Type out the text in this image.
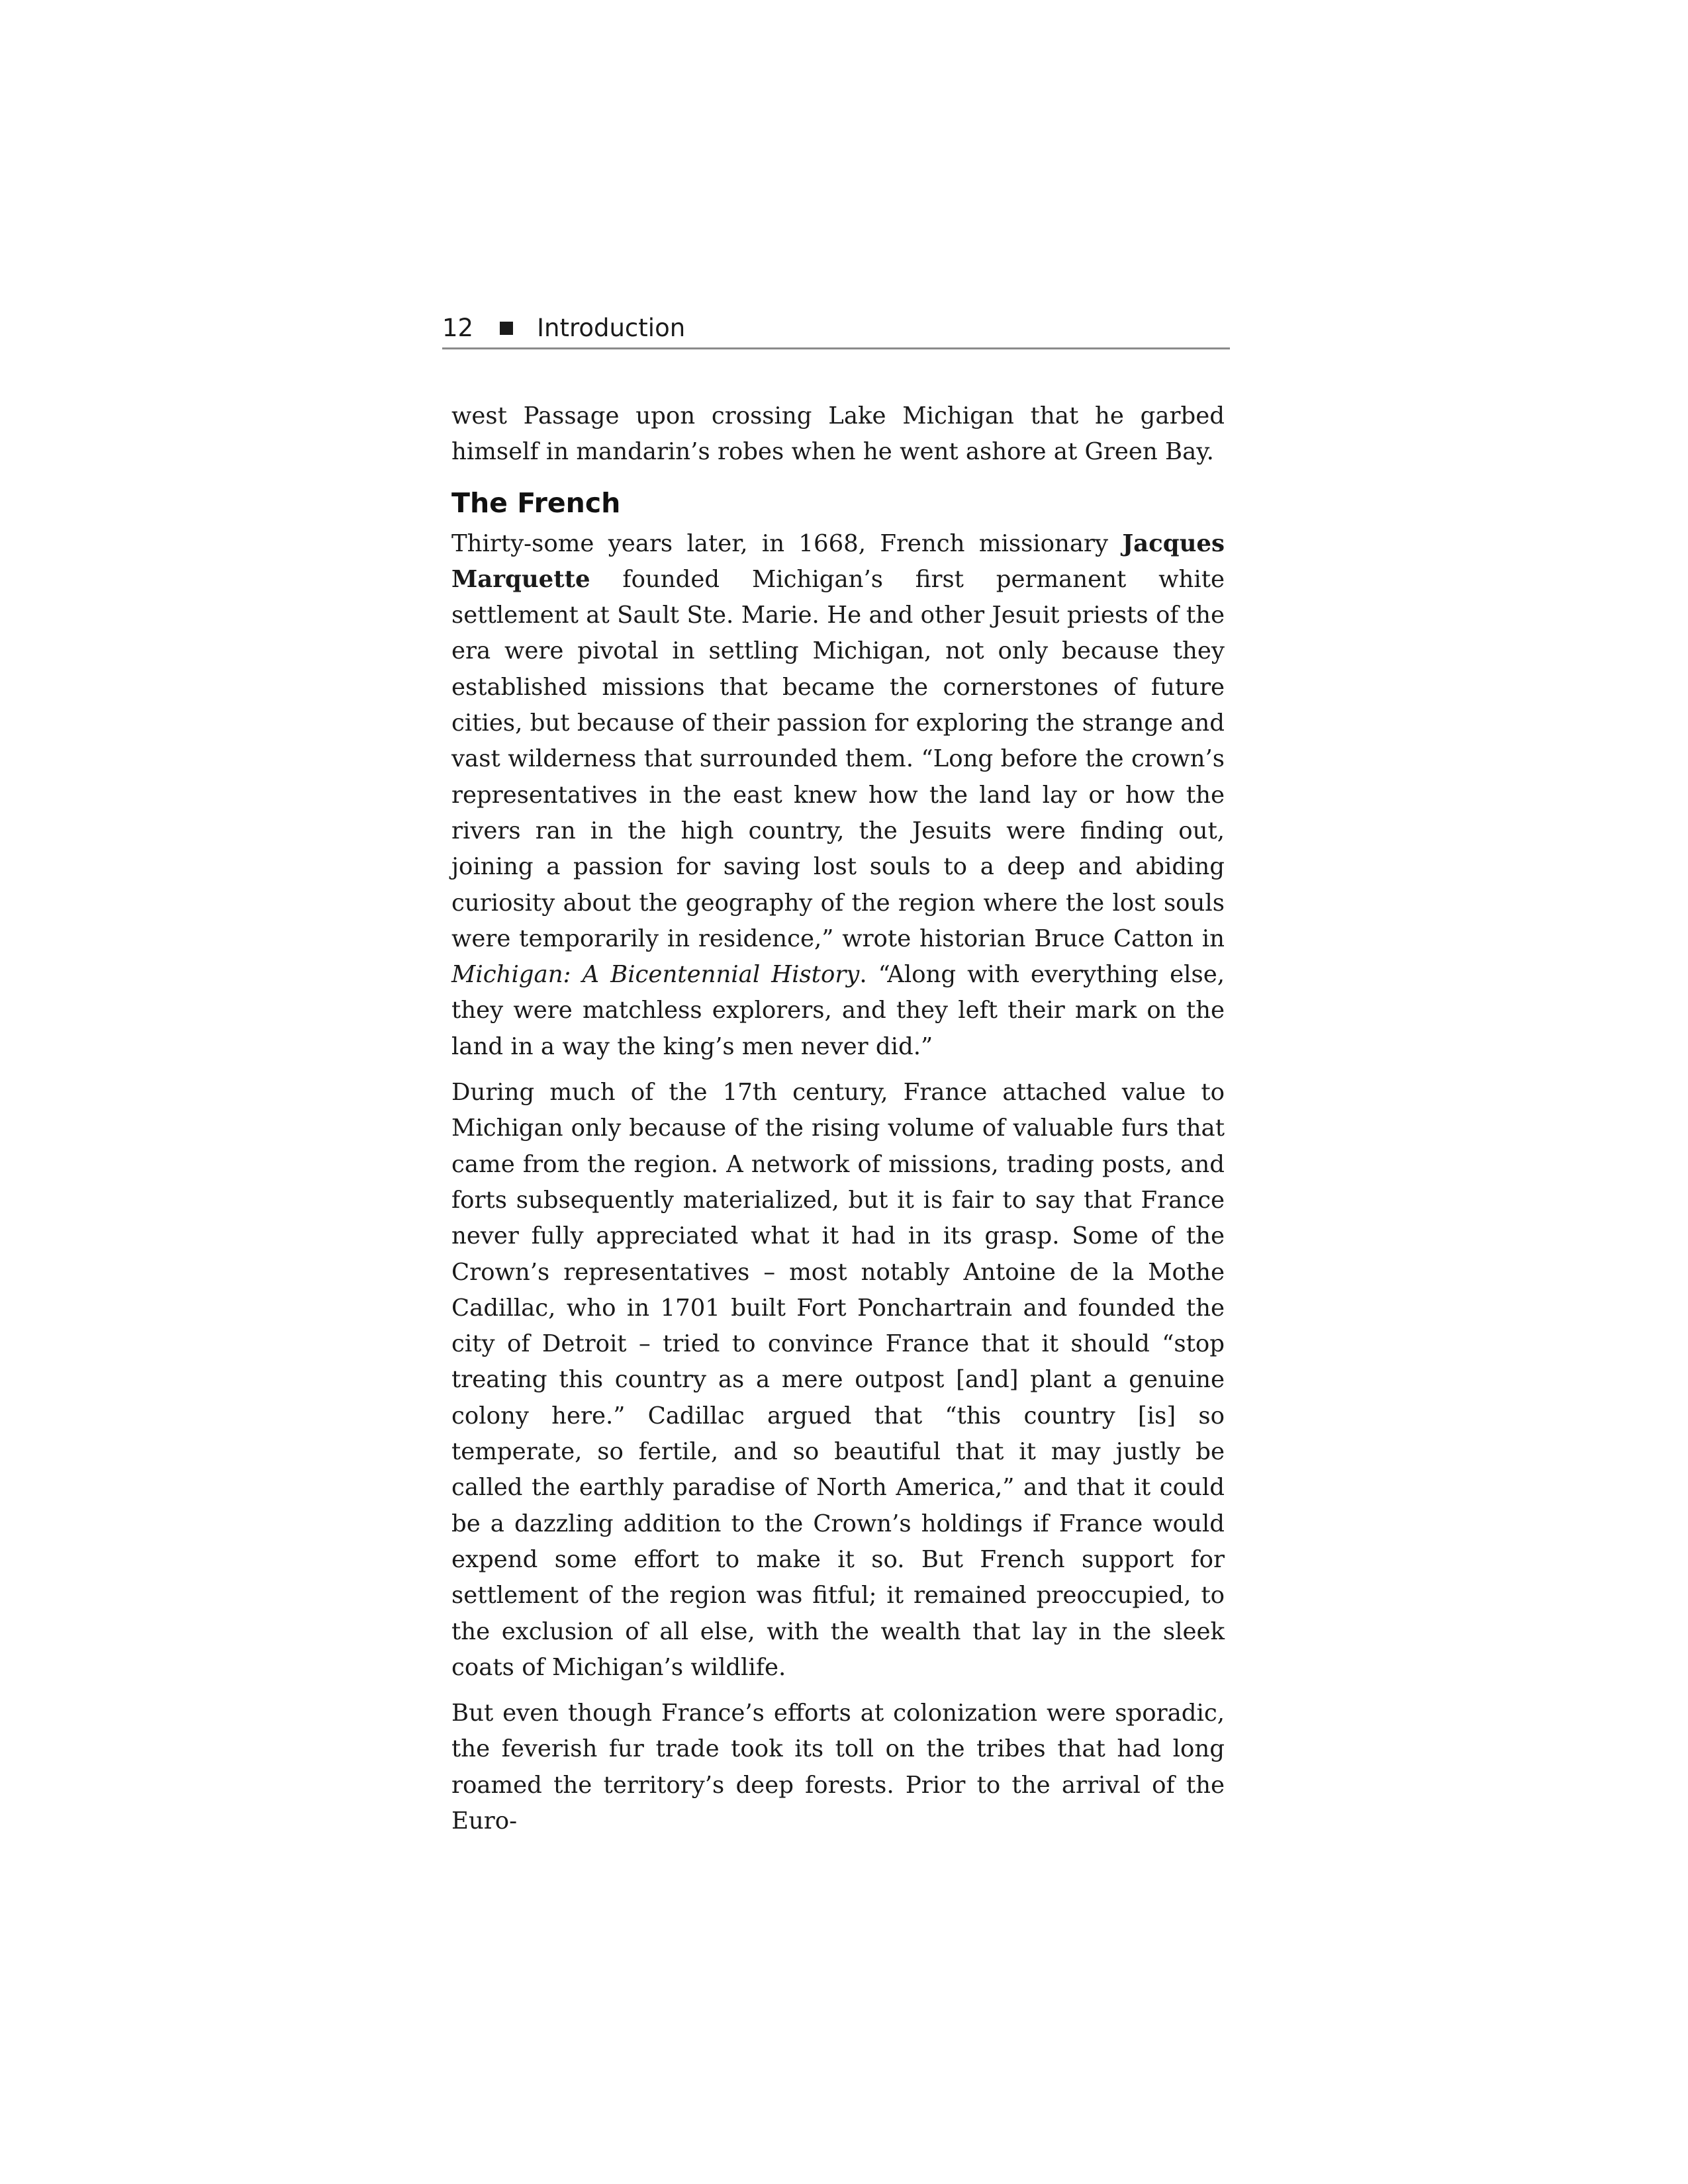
12	Introduction

west Passage upon crossing Lake Michigan that he garbed himself in mandarin’s robes when he went ashore at Green Bay.

The French

Thirty-some years later, in 1668, French missionary Jacques Marquette founded Michigan’s first permanent white settlement at Sault Ste. Marie. He and other Jesuit priests of the era were pivotal in settling Michigan, not only because they established missions that became the cornerstones of future cities, but because of their passion for exploring the strange and vast wilderness that surrounded them. “Long before the crown’s representatives in the east knew how the land lay or how the rivers ran in the high country, the Jesuits were finding out, joining a passion for saving lost souls to a deep and abiding curiosity about the geography of the region where the lost souls were temporarily in residence,” wrote historian Bruce Catton in Michigan: A Bicentennial History. “Along with everything else, they were matchless explorers, and they left their mark on the land in a way the king’s men never did.”

During much of the 17th century, France attached value to Michigan only because of the rising volume of valuable furs that came from the region. A network of missions, trading posts, and forts subsequently materialized, but it is fair to say that France never fully appreciated what it had in its grasp. Some of the Crown’s representatives – most notably Antoine de la Mothe Cadillac, who in 1701 built Fort Ponchartrain and founded the city of Detroit – tried to convince France that it should “stop treating this country as a mere outpost [and] plant a genuine colony here.” Cadillac argued that “this country [is] so temperate, so fertile, and so beautiful that it may justly be called the earthly paradise of North America,” and that it could be a dazzling addition to the Crown’s holdings if France would expend some effort to make it so. But French support for settlement of the region was fitful; it remained preoccupied, to the exclusion of all else, with the wealth that lay in the sleek coats of Michigan’s wildlife.

But even though France’s efforts at colonization were sporadic, the feverish fur trade took its toll on the tribes that had long roamed the territory’s deep forests. Prior to the arrival of the Euro-
